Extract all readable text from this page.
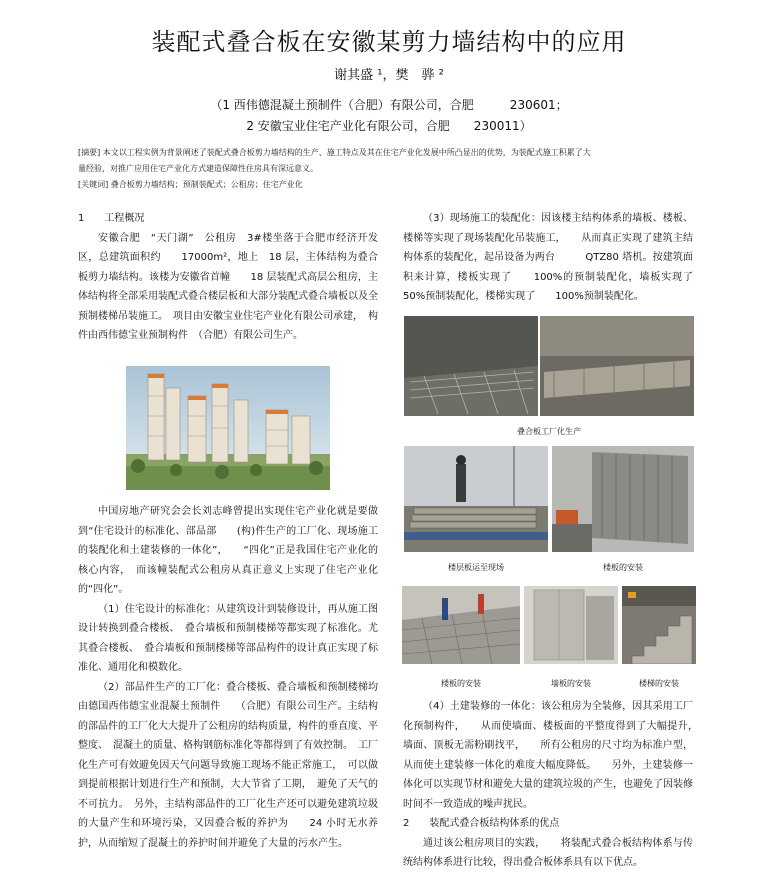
装配式叠合板在安徽某剪力墙结构中的应用
谢其盛 ¹，樊　骅 ²
（1 西伟德混凝土预制件（合肥）有限公司，合肥　　　230601；
2 安徽宝业住宅产业化有限公司，合肥　　230011）
[摘要] 本文以工程实例为背景阐述了装配式叠合板剪力墙结构的生产、施工特点及其在住宅产业化发展中所凸显出的优势，为装配式施工积累了大
量经验，对推广应用住宅产业化方式建造保障性住房具有深远意义。
[关键词] 叠合板剪力墙结构；预制装配式；公租房；住宅产业化

1　　工程概况

安徽合肥　“天门湖”　公租房　3#楼坐落于合肥市经济开发区，总建筑面积约　　17000m²，地上　18 层，主体结构为叠合板剪力墙结构。该楼为安徽省首幢　　18 层装配式高层公租房，主体结构将全部采用装配式叠合楼层板和大部分装配式叠合墙板以及全预制楼梯吊装施工。　项目由安徽宝业住宅产业化有限公司承建，　构件由西伟德宝业预制构件　（合肥）有限公司生产。

中国房地产研究会会长刘志峰曾提出实现住宅产业化就是要做到“住宅设计的标准化、部品部　　(构)件生产的工厂化、现场施工的装配化和土建装修的一体化”，　　“四化”正是我国住宅产业化的核心内容，　而该幢装配式公租房从真正意义上实现了住宅产业化的“四化”。

（1）住宅设计的标准化：从建筑设计到装修设计，再从施工图设计转换到叠合楼板、　叠合墙板和预制楼梯等都实现了标准化。尤其叠合楼板、　叠合墙板和预制楼梯等部品构件的设计真正实现了标准化、通用化和模数化。

（2）部品件生产的工厂化：叠合楼板、叠合墙板和预制楼梯均由德国西伟德宝业混凝土预制件　　（合肥）有限公司生产。主结构的部品件的工厂化大大提升了公租房的结构质量，构件的垂直度、平整度、　混凝土的质量、格构钢筋标准化等都得到了有效控制。　工厂化生产可有效避免因天气问题导致施工现场不能正常施工，　可以做到提前根据计划进行生产和预制，大大节省了工期，　避免了天气的不可抗力。　另外，主结构部品件的工厂化生产还可以避免建筑垃圾的大量产生和环境污染，又因叠合板的养护为　　24 小时无水养护，从而缩短了混凝土的养护时间并避免了大量的污水产生。

（3）现场施工的装配化：因该楼主结构体系的墙板、楼板、楼梯等实现了现场装配化吊装施工，　　从而真正实现了建筑主结构体系的装配化，起吊设备为两台　　　QTZ80 塔机。按建筑面积来计算，楼板实现了　　100%的预制装配化，墙板实现了　50%预制装配化，楼梯实现了　　100%预制装配化。

叠合板工厂化生产
楼层板运至现场	楼板的安装
楼板的安装	墙板的安装	楼梯的安装

（4）土建装修的一体化：该公租房为全装修，因其采用工厂化预制构件，　　从而使墙面、楼板面的平整度得到了大幅提升，　墙面、顶板无需粉刷找平，　　所有公租房的尺寸均为标准户型，从而使土建装修一体化的难度大幅度降低。　　另外，土建装修一体化可以实现节材和避免大量的建筑垃圾的产生，也避免了因装修时间不一致造成的噪声扰民。

2　　装配式叠合板结构体系的优点

通过该公租房项目的实践，　　将装配式叠合板结构体系与传统结构体系进行比较，得出叠合板体系具有以下优点。
